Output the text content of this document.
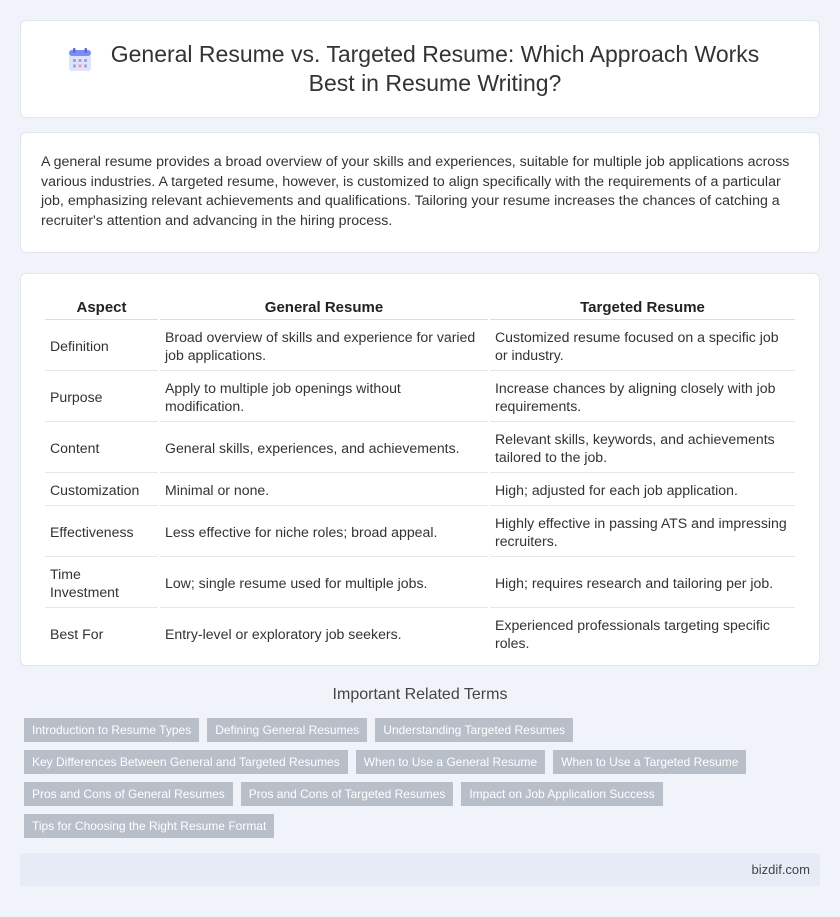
General Resume vs. Targeted Resume: Which Approach Works Best in Resume Writing?

A general resume provides a broad overview of your skills and experiences, suitable for multiple job applications across various industries. A targeted resume, however, is customized to align specifically with the requirements of a particular job, emphasizing relevant achievements and qualifications. Tailoring your resume increases the chances of catching a recruiter's attention and advancing in the hiring process.

Aspect	General Resume	Targeted Resume
Definition	Broad overview of skills and experience for varied job applications.	Customized resume focused on a specific job or industry.
Purpose	Apply to multiple job openings without modification.	Increase chances by aligning closely with job requirements.
Content	General skills, experiences, and achievements.	Relevant skills, keywords, and achievements tailored to the job.
Customization	Minimal or none.	High; adjusted for each job application.
Effectiveness	Less effective for niche roles; broad appeal.	Highly effective in passing ATS and impressing recruiters.
Time Investment	Low; single resume used for multiple jobs.	High; requires research and tailoring per job.
Best For	Entry-level or exploratory job seekers.	Experienced professionals targeting specific roles.
Important Related Terms
Introduction to Resume Types	Defining General Resumes	Understanding Targeted Resumes
Key Differences Between General and Targeted Resumes	When to Use a General Resume	When to Use a Targeted Resume
Pros and Cons of General Resumes	Pros and Cons of Targeted Resumes	Impact on Job Application Success
Tips for Choosing the Right Resume Format
bizdif.com
